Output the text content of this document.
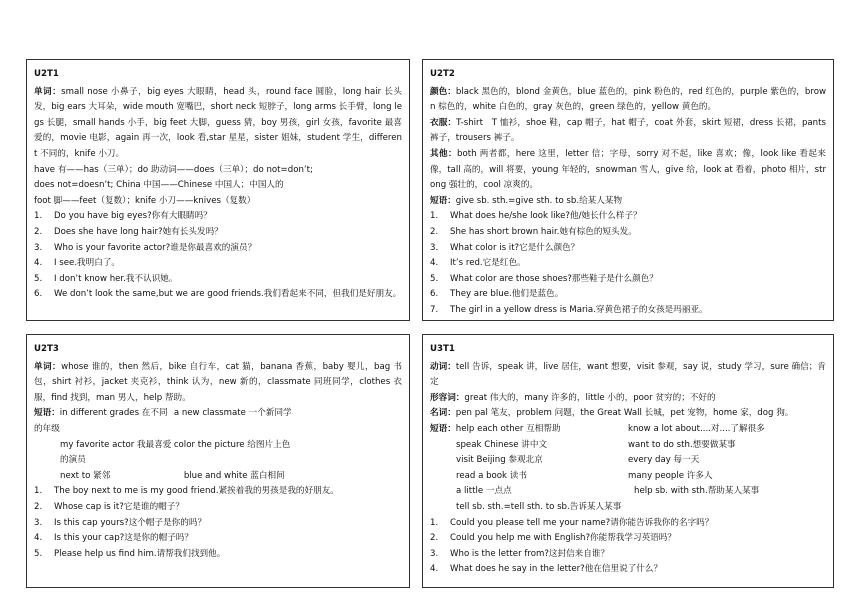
U2T1

单词：small nose 小鼻子，big eyes 大眼睛，head 头，round face 圆脸，long hair 长头发，big ears 大耳朵，wide mouth 宽嘴巴，short neck 短脖子，long arms 长手臂，long legs 长腿，small hands 小手，big feet 大脚，guess 猜，boy 男孩，girl 女孩，favorite 最喜爱的，movie 电影，again 再一次，look 看,star 星星，sister 姐妹，student 学生，different 不同的，knife 小刀。

have 有——has（三单）；do 助动词——does（三单）；do not=don’t;

does not=doesn’t; China 中国——Chinese 中国人；中国人的

foot 脚——feet（复数）；knife 小刀——knives（复数）

1. Do you have big eyes?你有大眼睛吗？
2. Does she have long hair?她有长头发吗？
3. Who is your favorite actor?谁是你最喜欢的演员？
4. I see.我明白了。
5. I don’t know her.我不认识她。
6. We don’t look the same,but we are good friends.我们看起来不同，但我们是好朋友。
U2T2

颜色：black 黑色的，blond 金黄色，blue 蓝色的，pink 粉色的，red 红色的，purple 紫色的，brown 棕色的，white 白色的，gray 灰色的，green 绿色的，yellow 黄色的。

衣服：T-shirt　T 恤衫，shoe 鞋，cap 帽子，hat 帽子，coat 外套，skirt 短裙，dress 长裙，pants 裤子，trousers 裤子。

其他：both 两者都，here 这里，letter 信；字母，sorry 对不起，like 喜欢；像，look like 看起来像，tall 高的，will 将要，young 年轻的，snowman 雪人，give 给，look at 看着，photo 相片，strong 强壮的，cool 凉爽的。

短语：give sb. sth.=give sth. to sb.给某人某物

1. What does he/she look like?他/她长什么样子？
2. She has short brown hair.她有棕色的短头发。
3. What color is it?它是什么颜色？
4. It’s red.它是红色。
5. What color are those shoes?那些鞋子是什么颜色？
6. They are blue.他们是蓝色。
7. The girl in a yellow dress is Maria.穿黄色裙子的女孩是玛丽亚。
U2T3

单词：whose 谁的，then 然后，bike 自行车，cat 猫，banana 香蕉，baby 婴儿，bag 书包，shirt 衬衫，jacket 夹克衫，think 认为，new 新的，classmate 同班同学，clothes 衣服，find 找到，man 男人，help 帮助。

短语：in different grades 在不同的年级
a new classmate 一个新同学
my favorite actor 我最喜爱的演员
color the picture 给图片上色
next to 紧邻	blue and white 蓝白相间
1. The boy next to me is my good friend.紧挨着我的男孩是我的好朋友。
2. Whose cap is it?它是谁的帽子？
3. Is this cap yours?这个帽子是你的吗？
4. Is this your cap?这是你的帽子吗？
5. Please help us find him.请帮我们找到他。
U3T1

动词：tell 告诉，speak 讲，live 居住，want 想要，visit 参观，say 说，study 学习，sure 确信；肯定

形容词：great 伟大的，many 许多的，little 小的，poor 贫穷的；不好的

名词：pen pal 笔友，problem 问题，the Great Wall 长城，pet 宠物，home 家，dog 狗。

短语：help each other 互相帮助	know a lot about....对....了解很多
speak Chinese 讲中文	want to do sth.想要做某事
visit Beijing 参观北京	every day 每一天
read a book 读书	many people 许多人
a little 一点点	help sb. with sth.帮助某人某事
tell sb. sth.=tell sth. to sb.告诉某人某事
1. Could you please tell me your name?请你能告诉我你的名字吗？
2. Could you help me with English?你能帮我学习英语吗？
3. Who is the letter from?这封信来自谁？
4. What does he say in the letter?他在信里说了什么？
